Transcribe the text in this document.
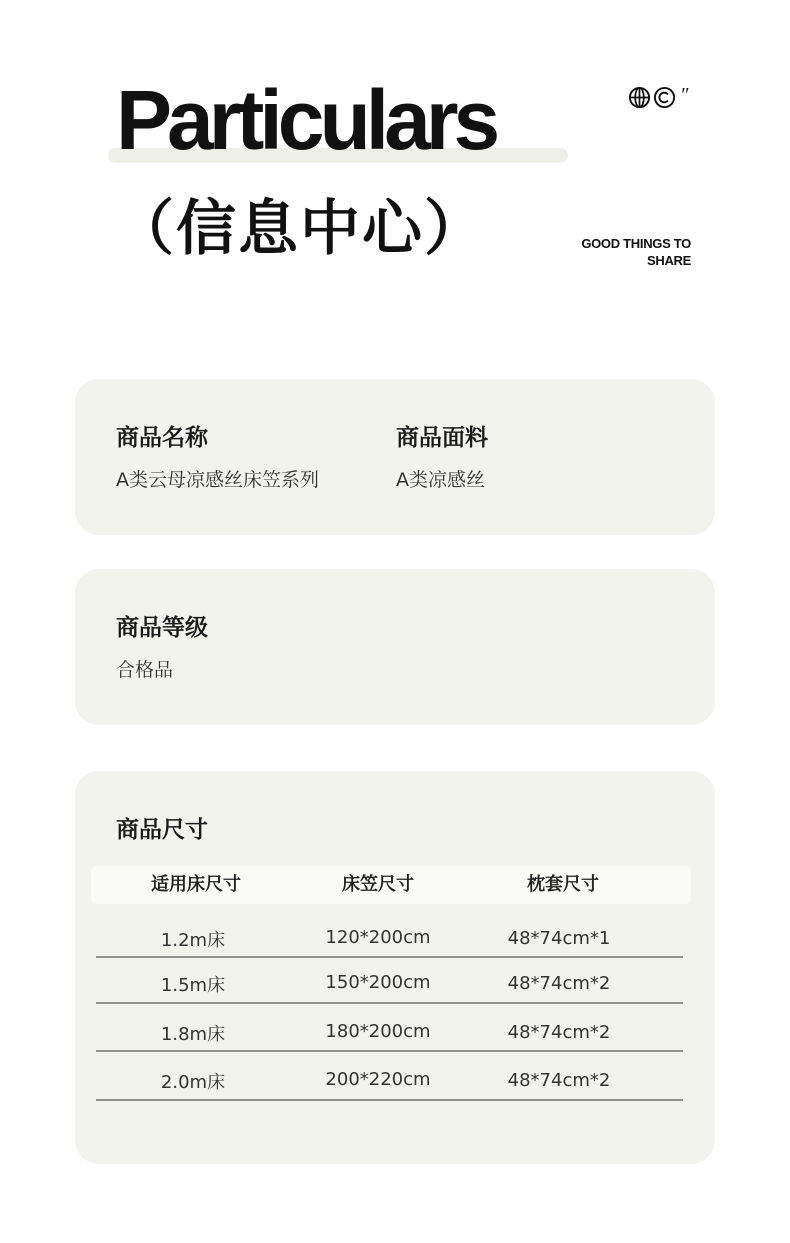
Particulars	″
（信息中心）	GOOD THINGS TO
SHARE
商品名称
A类云母凉感丝床笠系列
商品面料
A类凉感丝
商品等级
合格品
商品尺寸
适用床尺寸	床笠尺寸	枕套尺寸
1.2m床	120*200cm	48*74cm*1
1.5m床	150*200cm	48*74cm*2
1.8m床	180*200cm	48*74cm*2
2.0m床	200*220cm	48*74cm*2
